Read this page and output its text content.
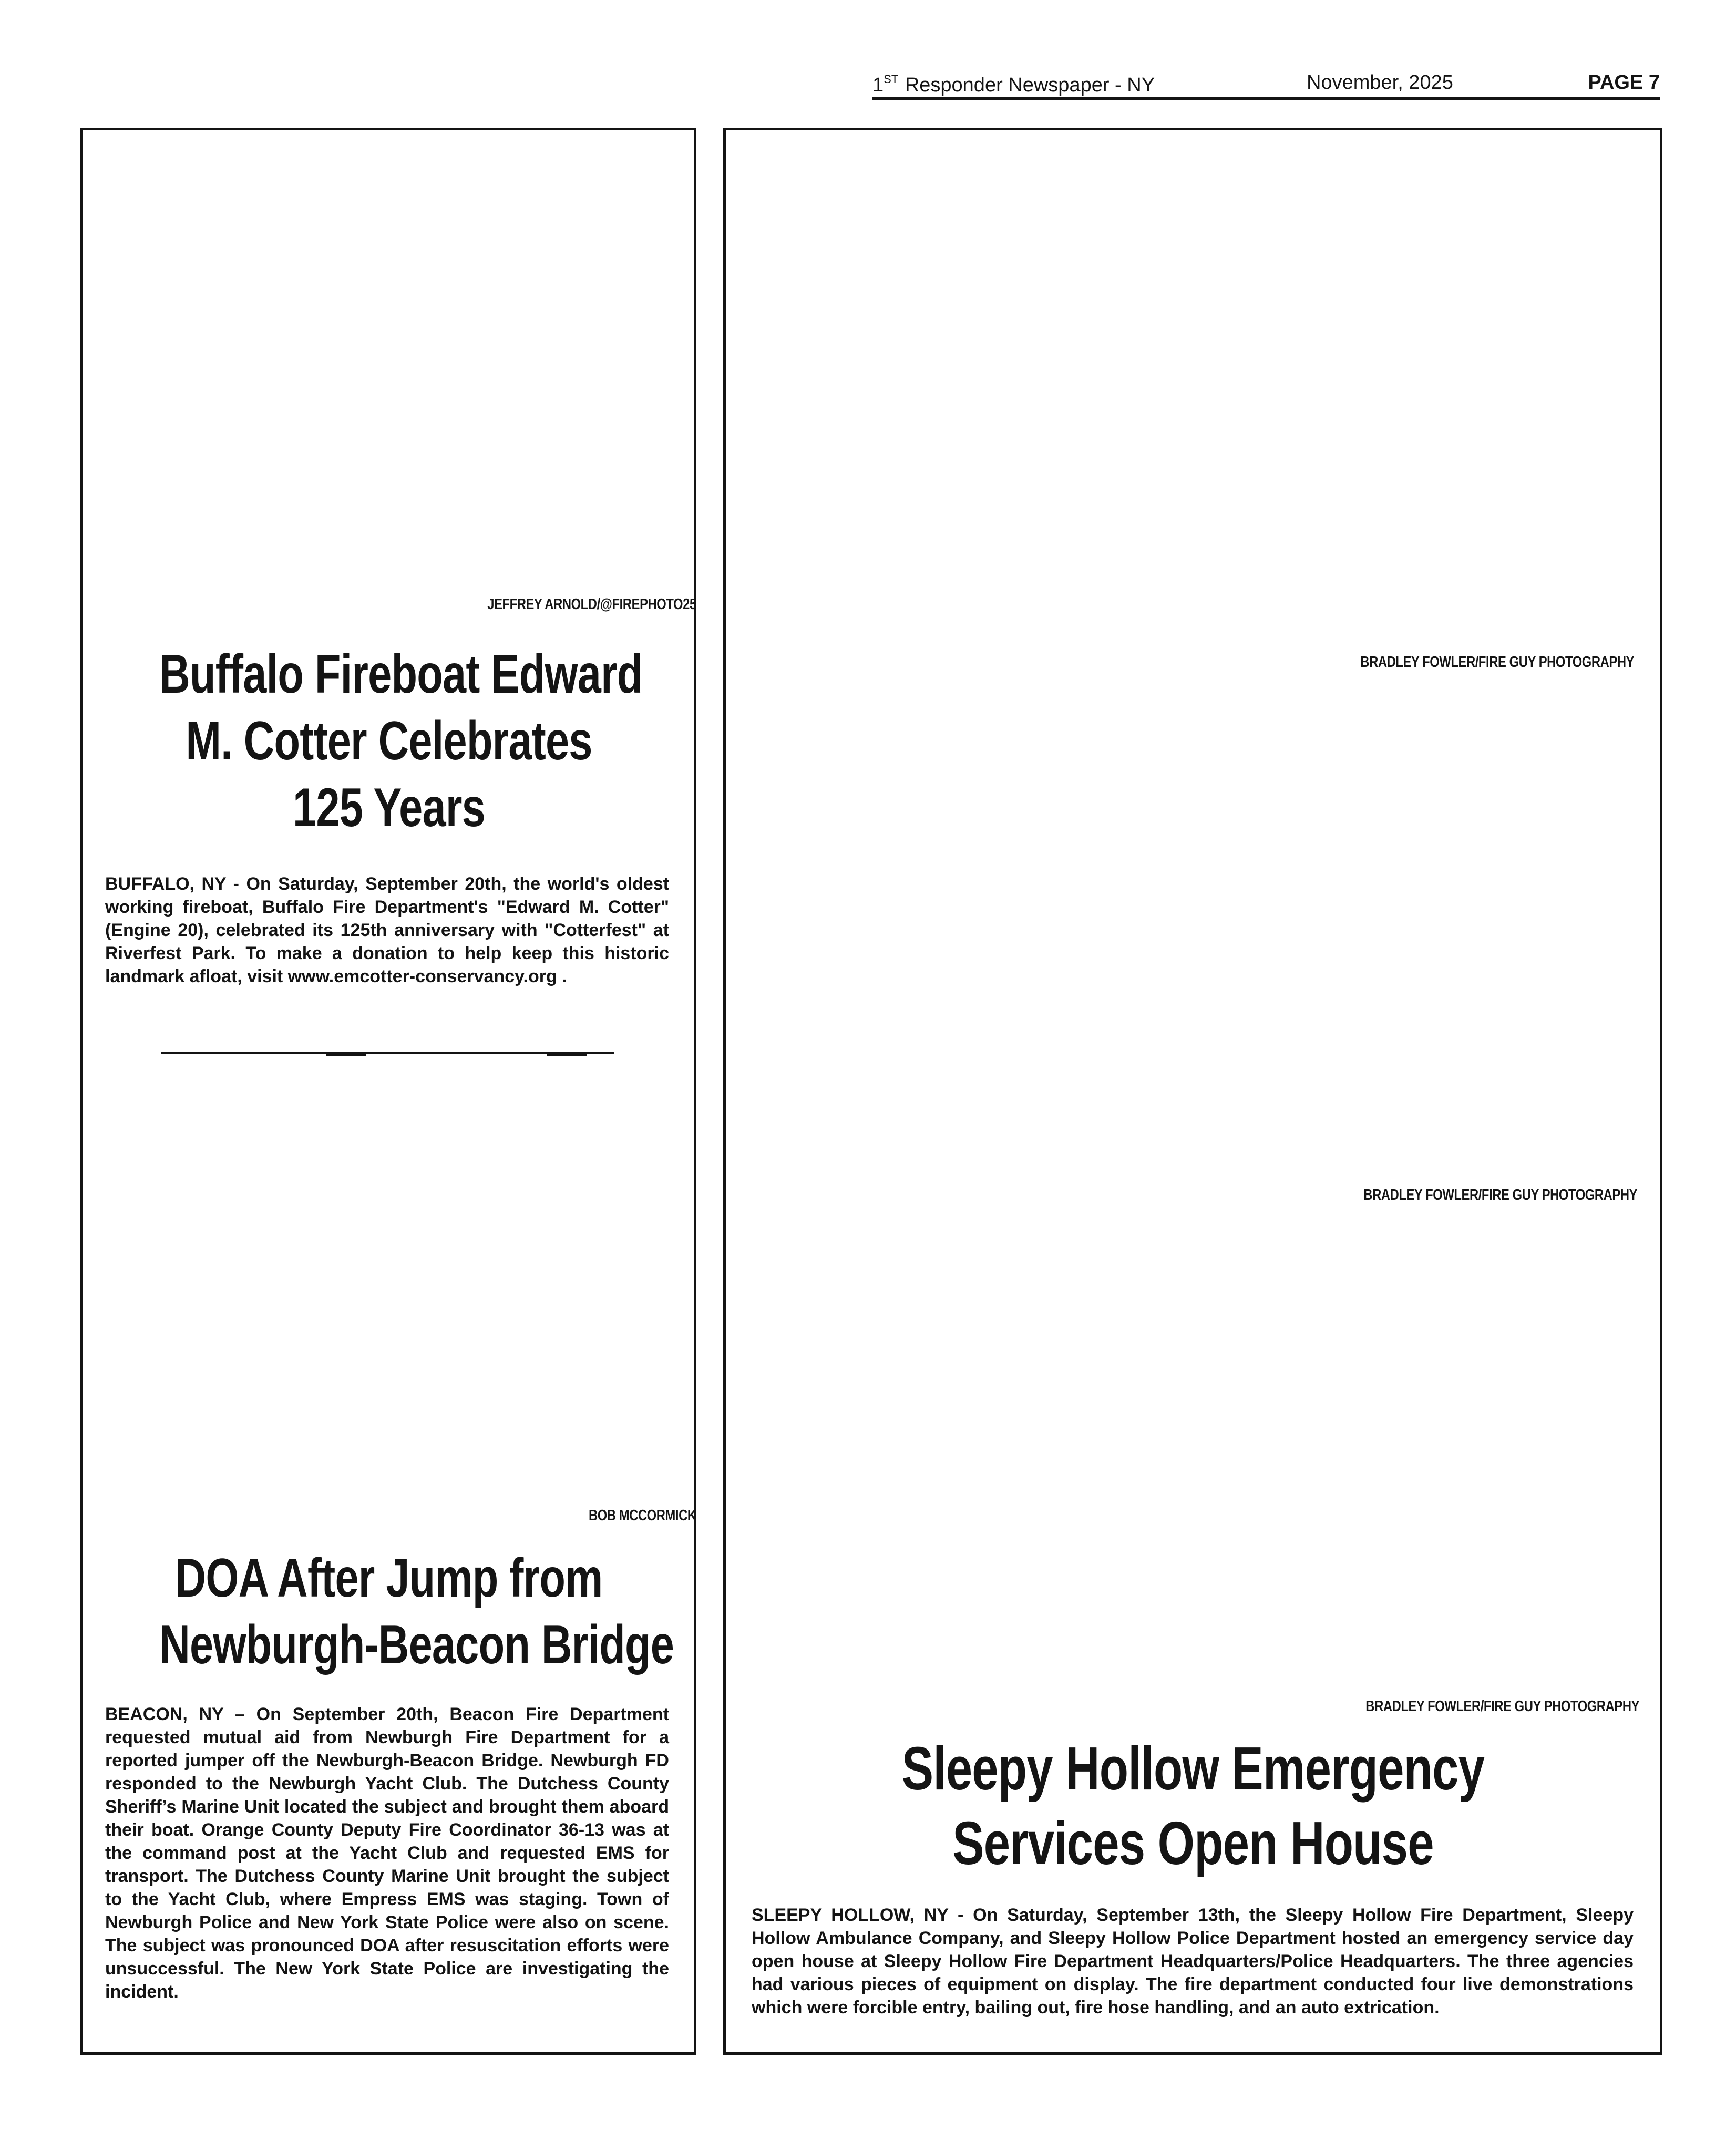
1ST Responder Newspaper - NY	November, 2025	PAGE 7
JEFFREY ARNOLD/@FIREPHOTO25
Buffalo Fireboat Edward
M. Cotter Celebrates
125 Years

BUFFALO, NY - On Saturday, September 20th, the world's oldest working fireboat, Buffalo Fire Department's "Edward M. Cotter" (Engine 20), celebrated its 125th anniversary with "Cotterfest" at Riverfest Park. To make a donation to help keep this historic landmark afloat, visit www.emcotter-conservancy.org .

BOB MCCORMICK
DOA After Jump from
Newburgh-Beacon Bridge

BEACON, NY – On September 20th, Beacon Fire Department requested mutual aid from Newburgh Fire Department for a reported jumper off the Newburgh-Beacon Bridge. Newburgh FD responded to the Newburgh Yacht Club. The Dutchess County Sheriff’s Marine Unit located the subject and brought them aboard their boat. Orange County Deputy Fire Coordinator 36-13 was at the command post at the Yacht Club and requested EMS for transport. The Dutchess County Marine Unit brought the subject to the Yacht Club, where Empress EMS was staging. Town of Newburgh Police and New York State Police were also on scene. The subject was pronounced DOA after resuscitation efforts were unsuccessful. The New York State Police are investigating the incident.

BRADLEY FOWLER/FIRE GUY PHOTOGRAPHY
BRADLEY FOWLER/FIRE GUY PHOTOGRAPHY
BRADLEY FOWLER/FIRE GUY PHOTOGRAPHY
Sleepy Hollow Emergency
Services Open House

SLEEPY HOLLOW, NY - On Saturday, September 13th, the Sleepy Hollow Fire Department, Sleepy Hollow Ambulance Company, and Sleepy Hollow Police Department hosted an emergency service day open house at Sleepy Hollow Fire Department Headquarters/Police Headquarters. The three agencies had various pieces of equipment on display. The fire department conducted four live demonstrations which were forcible entry, bailing out, fire hose handling, and an auto extrication.
